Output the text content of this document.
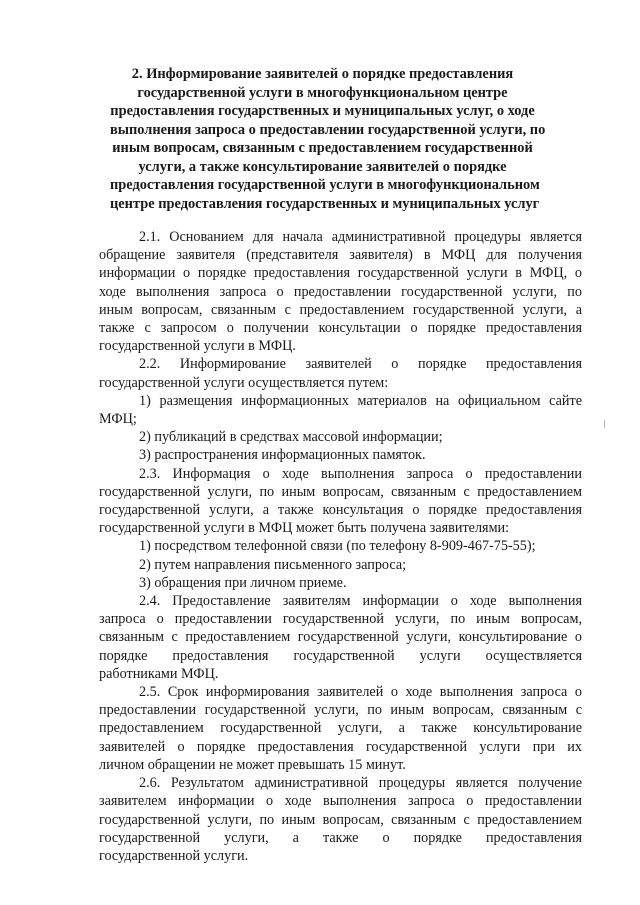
2. Информирование заявителей о порядке предоставления
государственной услуги в многофункциональном центре
предоставления государственных и муниципальных услуг, о ходе
выполнения запроса о предоставлении государственной услуги, по
иным вопросам, связанным с предоставлением государственной
услуги, а также консультирование заявителей о порядке
предоставления государственной услуги в многофункциональном
центре предоставления государственных и муниципальных услуг
2.1. Основанием для начала административной процедуры является
обращение заявителя (представителя заявителя) в МФЦ для получения
информации о порядке предоставления государственной услуги в МФЦ, о
ходе выполнения запроса о предоставлении государственной услуги, по
иным вопросам, связанным с предоставлением государственной услуги, а
также с запросом о получении консультации о порядке предоставления
государственной услуги в МФЦ.
2.2. Информирование заявителей о порядке предоставления
государственной услуги осуществляется путем:
1) размещения информационных материалов на официальном сайте
МФЦ;
2) публикаций в средствах массовой информации;
3) распространения информационных памяток.
2.3. Информация о ходе выполнения запроса о предоставлении
государственной услуги, по иным вопросам, связанным с предоставлением
государственной услуги, а также консультация о порядке предоставления
государственной услуги в МФЦ может быть получена заявителями:
1) посредством телефонной связи (по телефону 8-909-467-75-55);
2) путем направления письменного запроса;
3) обращения при личном приеме.
2.4. Предоставление заявителям информации о ходе выполнения
запроса о предоставлении государственной услуги, по иным вопросам,
связанным с предоставлением государственной услуги, консультирование о
порядке предоставления государственной услуги осуществляется
работниками МФЦ.
2.5. Срок информирования заявителей о ходе выполнения запроса о
предоставлении государственной услуги, по иным вопросам, связанным с
предоставлением государственной услуги, а также консультирование
заявителей о порядке предоставления государственной услуги при их
личном обращении не может превышать 15 минут.
2.6. Результатом административной процедуры является получение
заявителем информации о ходе выполнения запроса о предоставлении
государственной услуги, по иным вопросам, связанным с предоставлением
государственной услуги, а также о порядке предоставления
государственной услуги.
